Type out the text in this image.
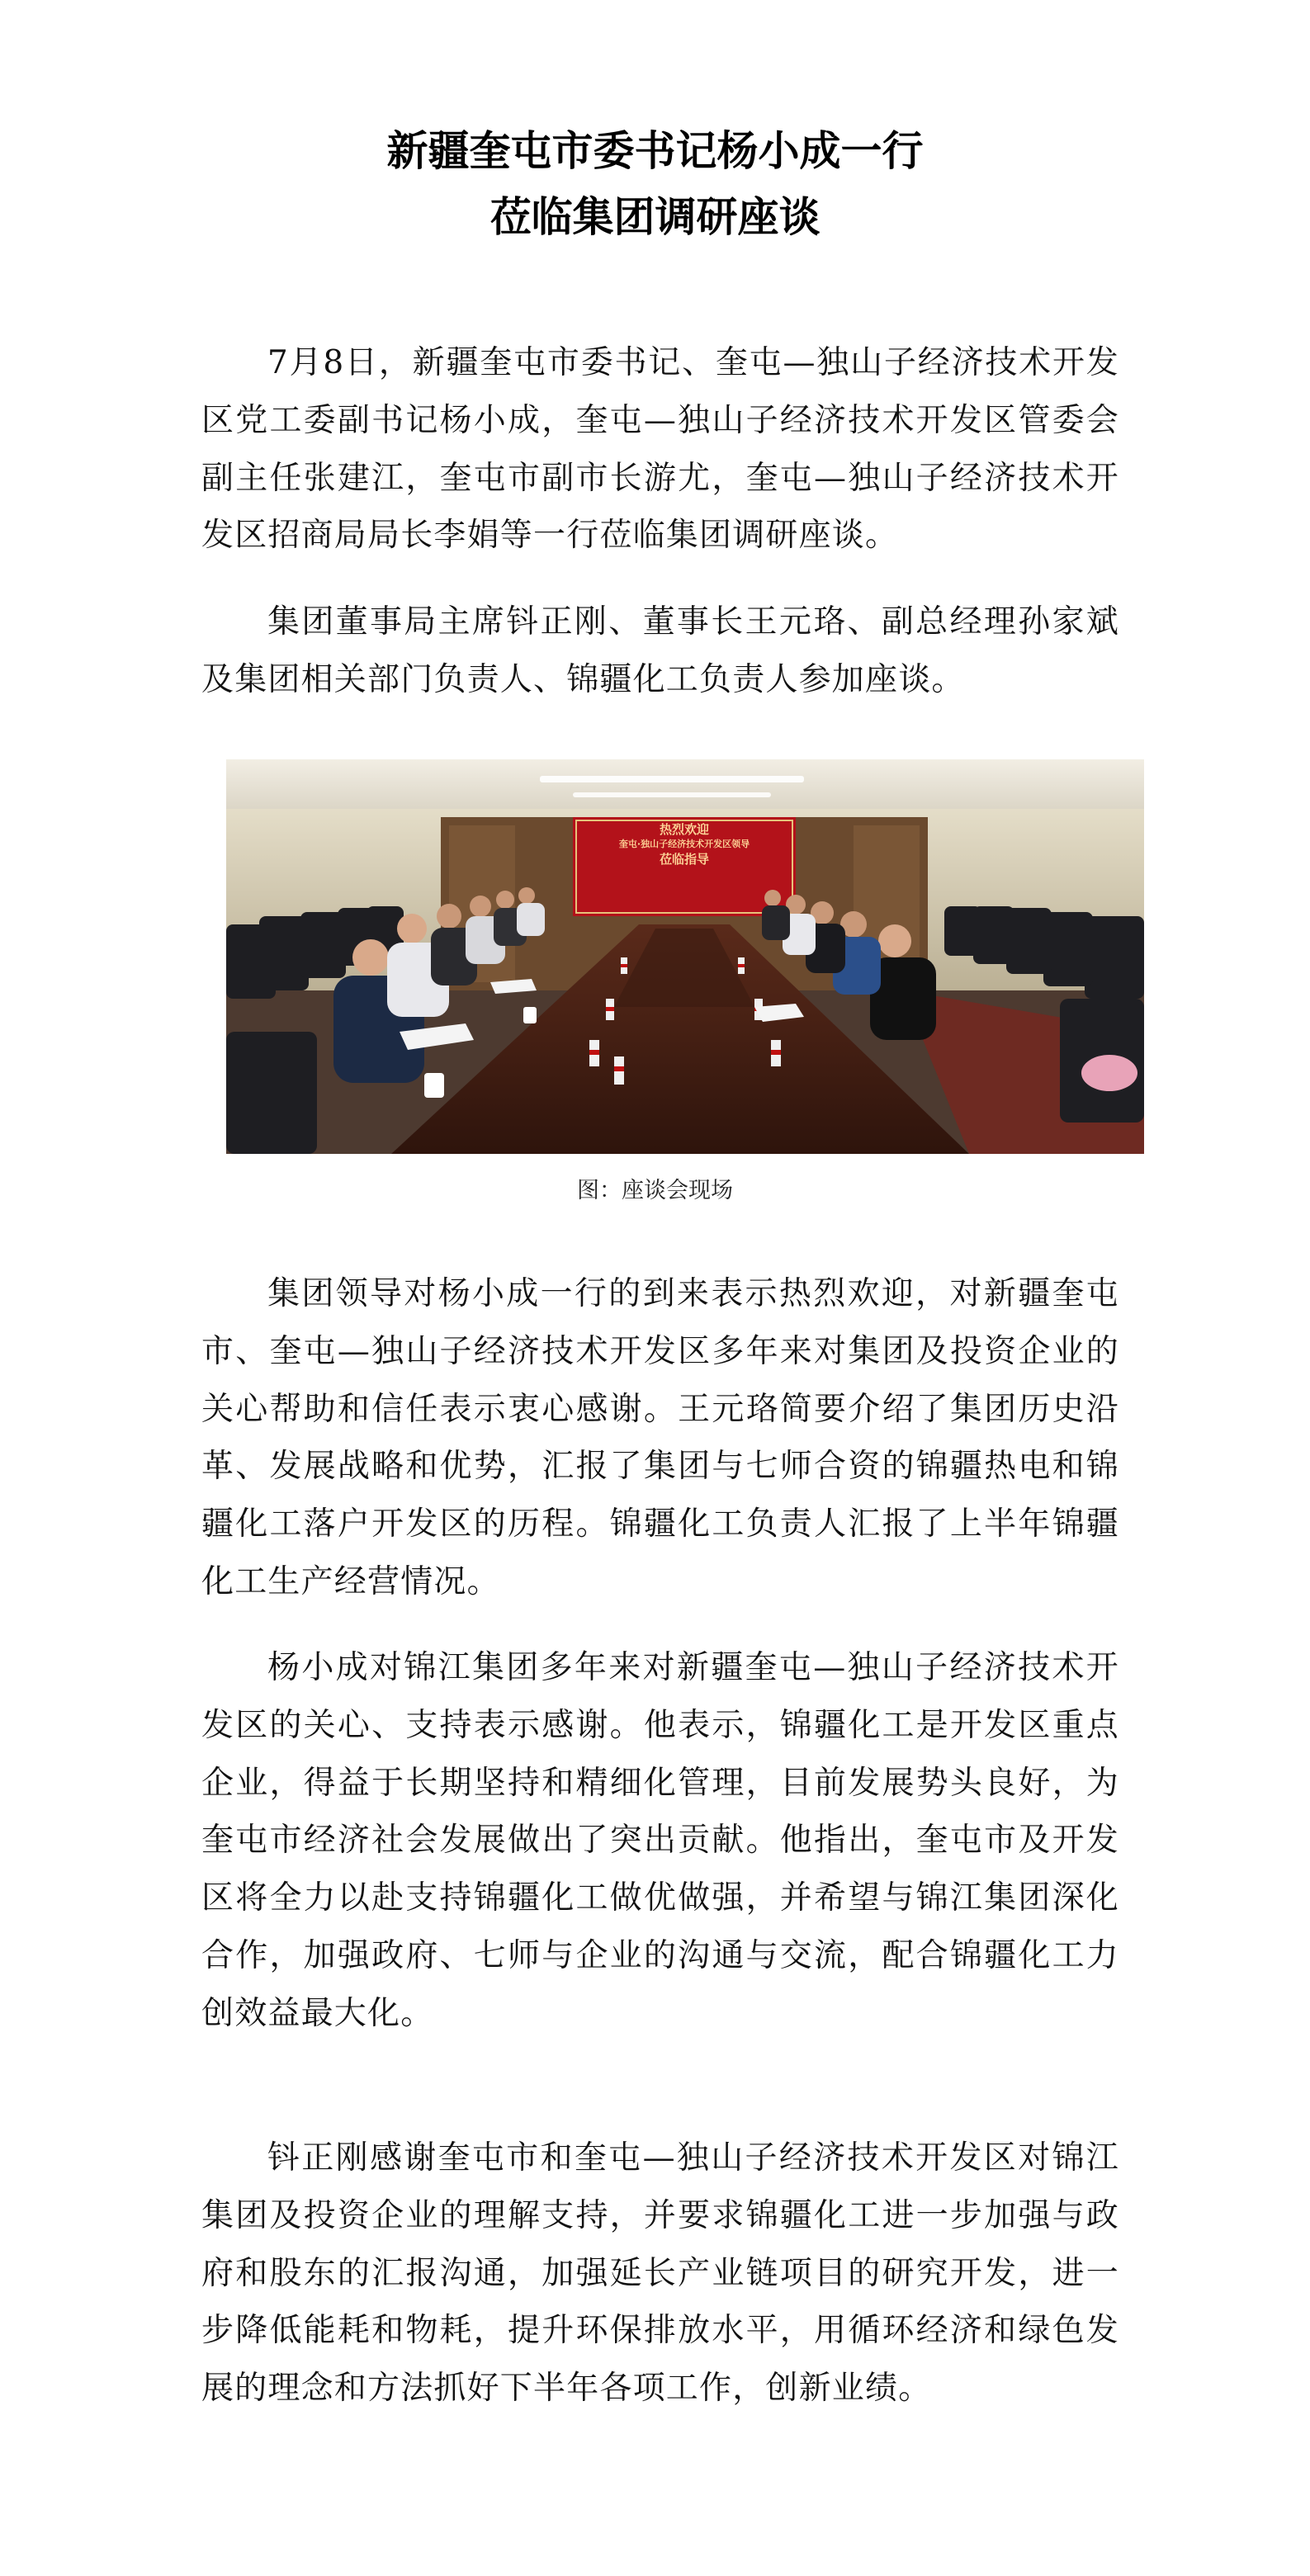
新疆奎屯市委书记杨小成一行
莅临集团调研座谈

7月8日，新疆奎屯市委书记、奎屯—独山子经济技术开发区党工委副书记杨小成，奎屯—独山子经济技术开发区管委会副主任张建江，奎屯市副市长游尤，奎屯—独山子经济技术开发区招商局局长李娟等一行莅临集团调研座谈。

集团董事局主席钭正刚、董事长王元珞、副总经理孙家斌及集团相关部门负责人、锦疆化工负责人参加座谈。

热烈欢迎
奎屯·独山子经济技术开发区领导
莅临指导

图：座谈会现场

集团领导对杨小成一行的到来表示热烈欢迎，对新疆奎屯市、奎屯—独山子经济技术开发区多年来对集团及投资企业的关心帮助和信任表示衷心感谢。王元珞简要介绍了集团历史沿革、发展战略和优势，汇报了集团与七师合资的锦疆热电和锦疆化工落户开发区的历程。锦疆化工负责人汇报了上半年锦疆化工生产经营情况。

杨小成对锦江集团多年来对新疆奎屯—独山子经济技术开发区的关心、支持表示感谢。他表示，锦疆化工是开发区重点企业，得益于长期坚持和精细化管理，目前发展势头良好，为奎屯市经济社会发展做出了突出贡献。他指出，奎屯市及开发区将全力以赴支持锦疆化工做优做强，并希望与锦江集团深化合作，加强政府、七师与企业的沟通与交流，配合锦疆化工力创效益最大化。

钭正刚感谢奎屯市和奎屯—独山子经济技术开发区对锦江集团及投资企业的理解支持，并要求锦疆化工进一步加强与政府和股东的汇报沟通，加强延长产业链项目的研究开发，进一步降低能耗和物耗，提升环保排放水平，用循环经济和绿色发展的理念和方法抓好下半年各项工作，创新业绩。
